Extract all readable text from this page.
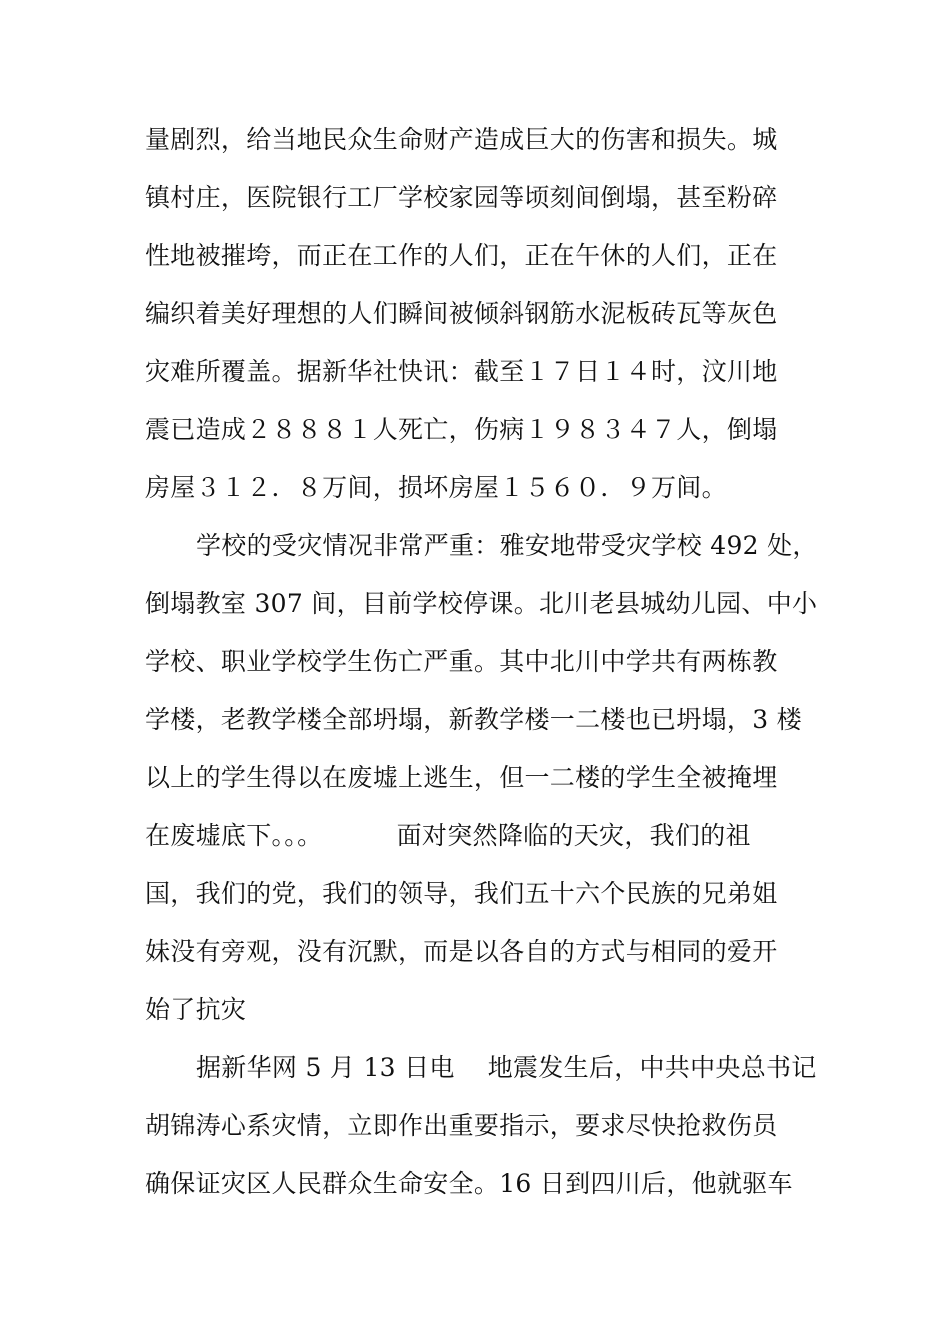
量剧烈，给当地民众生命财产造成巨大的伤害和损失。城
镇村庄，医院银行工厂学校家园等顷刻间倒塌，甚至粉碎
性地被摧垮，而正在工作的人们，正在午休的人们，正在
编织着美好理想的人们瞬间被倾斜钢筋水泥板砖瓦等灰色
灾难所覆盖。据新华社快讯：截至１７日１４时，汶川地
震已造成２８８８１人死亡，伤病１９８３４７人，倒塌
房屋３１２．８万间，损坏房屋１５６０．９万间。
学校的受灾情况非常严重：雅安地带受灾学校 492 处，
倒塌教室 307 间，目前学校停课。北川老县城幼儿园、中小
学校、职业学校学生伤亡严重。其中北川中学共有两栋教
学楼，老教学楼全部坍塌，新教学楼一二楼也已坍塌，3 楼
以上的学生得以在废墟上逃生，但一二楼的学生全被掩埋
在废墟底下。。。         面对突然降临的天灾，我们的祖
国，我们的党，我们的领导，我们五十六个民族的兄弟姐
妹没有旁观，没有沉默，而是以各自的方式与相同的爱开
始了抗灾
据新华网 5 月 13 日电    地震发生后，中共中央总书记
胡锦涛心系灾情，立即作出重要指示，要求尽快抢救伤员
确保证灾区人民群众生命安全。16 日到四川后，他就驱车
